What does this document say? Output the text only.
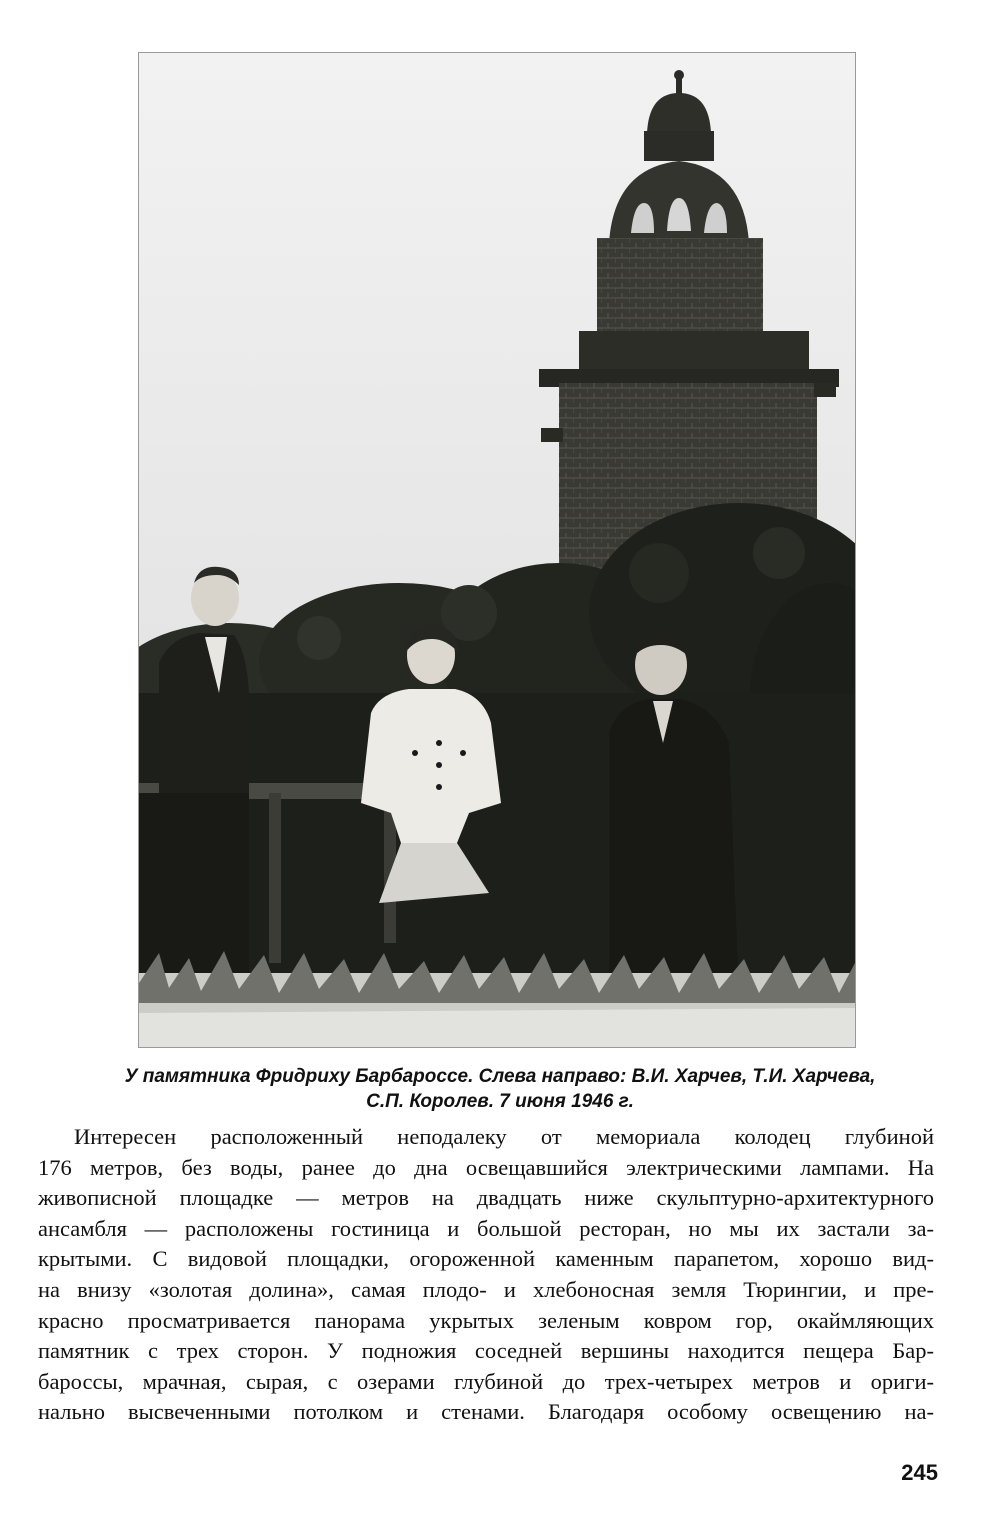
У памятника Фридриху Барбароссе. Слева направо: В.И. Харчев, Т.И. Харчева,
С.П. Королев. 7 июня 1946 г.
Интересен расположенный неподалеку от мемориала колодец глубиной
176 метров, без воды, ранее до дна освещавшийся электрическими лампами. На
живописной площадке — метров на двадцать ниже скульптурно-архитектурного
ансамбля — расположены гостиница и большой ресторан, но мы их застали за-
крытыми. С видовой площадки, огороженной каменным парапетом, хорошо вид-
на внизу «золотая долина», самая плодо- и хлебоносная земля Тюрингии, и пре-
красно просматривается панорама укрытых зеленым ковром гор, окаймляющих
памятник с трех сторон. У подножия соседней вершины находится пещера Бар-
бароссы, мрачная, сырая, с озерами глубиной до трех-четырех метров и ориги-
нально высвеченными потолком и стенами. Благодаря особому освещению на-
245
